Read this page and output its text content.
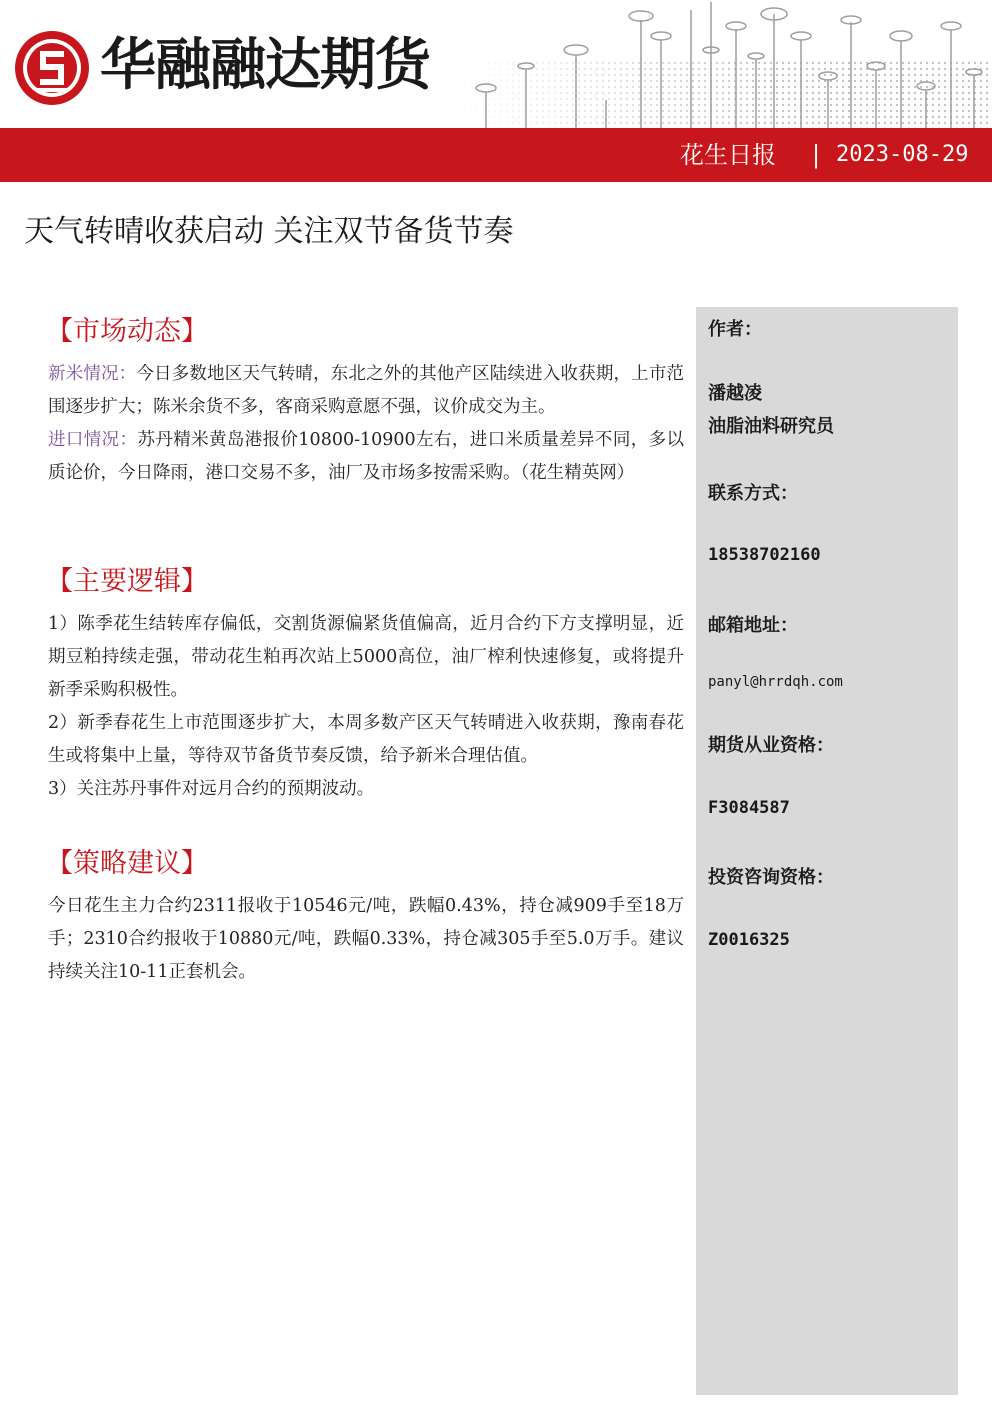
华融融达期货
花生日报 | 2023-08-29
天气转晴收获启动 关注双节备货节奏
【市场动态】

新米情况：今日多数地区天气转晴，东北之外的其他产区陆续进入收获期，上市范围逐步扩大；陈米余货不多，客商采购意愿不强，议价成交为主。

进口情况：苏丹精米黄岛港报价10800-10900左右，进口米质量差异不同，多以质论价，今日降雨，港口交易不多，油厂及市场多按需采购。（花生精英网）

【主要逻辑】

1）陈季花生结转库存偏低，交割货源偏紧货值偏高，近月合约下方支撑明显，近期豆粕持续走强，带动花生粕再次站上5000高位，油厂榨利快速修复，或将提升新季采购积极性。

2）新季春花生上市范围逐步扩大，本周多数产区天气转晴进入收获期，豫南春花生或将集中上量，等待双节备货节奏反馈，给予新米合理估值。

3）关注苏丹事件对远月合约的预期波动。

【策略建议】

今日花生主力合约2311报收于10546元/吨，跌幅0.43%，持仓减909手至18万手；2310合约报收于10880元/吨，跌幅0.33%，持仓减305手至5.0万手。建议持续关注10-11正套机会。

作者：
潘越凌
油脂油料研究员
联系方式：
18538702160
邮箱地址：
panyl@hrrdqh.com
期货从业资格：
F3084587
投资咨询资格：
Z0016325
